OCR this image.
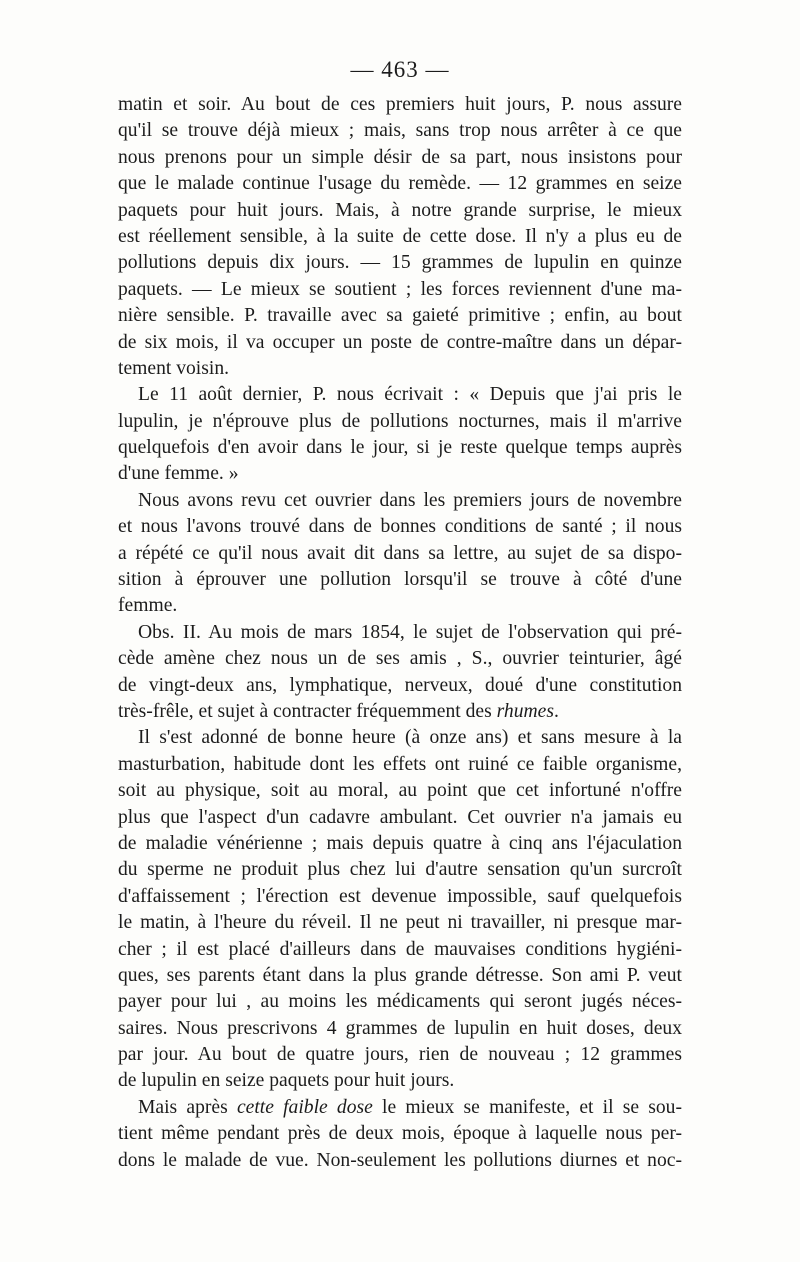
— 463 —
matin et soir. Au bout de ces premiers huit jours, P. nous assure
qu'il se trouve déjà mieux ; mais, sans trop nous arrêter à ce que
nous prenons pour un simple désir de sa part, nous insistons pour
que le malade continue l'usage du remède. — 12 grammes en seize
paquets pour huit jours. Mais, à notre grande surprise, le mieux
est réellement sensible, à la suite de cette dose. Il n'y a plus eu de
pollutions depuis dix jours. — 15 grammes de lupulin en quinze
paquets. — Le mieux se soutient ; les forces reviennent d'une ma-
nière sensible. P. travaille avec sa gaieté primitive ; enfin, au bout
de six mois, il va occuper un poste de contre-maître dans un dépar-
tement voisin.
Le 11 août dernier, P. nous écrivait : « Depuis que j'ai pris le
lupulin, je n'éprouve plus de pollutions nocturnes, mais il m'arrive
quelquefois d'en avoir dans le jour, si je reste quelque temps auprès
d'une femme. »
Nous avons revu cet ouvrier dans les premiers jours de novembre
et nous l'avons trouvé dans de bonnes conditions de santé ; il nous
a répété ce qu'il nous avait dit dans sa lettre, au sujet de sa dispo-
sition à éprouver une pollution lorsqu'il se trouve à côté d'une
femme.
Obs. II. Au mois de mars 1854, le sujet de l'observation qui pré-
cède amène chez nous un de ses amis , S., ouvrier teinturier, âgé
de vingt-deux ans, lymphatique, nerveux, doué d'une constitution
très-frêle, et sujet à contracter fréquemment des rhumes.
Il s'est adonné de bonne heure (à onze ans) et sans mesure à la
masturbation, habitude dont les effets ont ruiné ce faible organisme,
soit au physique, soit au moral, au point que cet infortuné n'offre
plus que l'aspect d'un cadavre ambulant. Cet ouvrier n'a jamais eu
de maladie vénérienne ; mais depuis quatre à cinq ans l'éjaculation
du sperme ne produit plus chez lui d'autre sensation qu'un surcroît
d'affaissement ; l'érection est devenue impossible, sauf quelquefois
le matin, à l'heure du réveil. Il ne peut ni travailler, ni presque mar-
cher ; il est placé d'ailleurs dans de mauvaises conditions hygiéni-
ques, ses parents étant dans la plus grande détresse. Son ami P. veut
payer pour lui , au moins les médicaments qui seront jugés néces-
saires. Nous prescrivons 4 grammes de lupulin en huit doses, deux
par jour. Au bout de quatre jours, rien de nouveau ; 12 grammes
de lupulin en seize paquets pour huit jours.
Mais après cette faible dose le mieux se manifeste, et il se sou-
tient même pendant près de deux mois, époque à laquelle nous per-
dons le malade de vue. Non-seulement les pollutions diurnes et noc-
